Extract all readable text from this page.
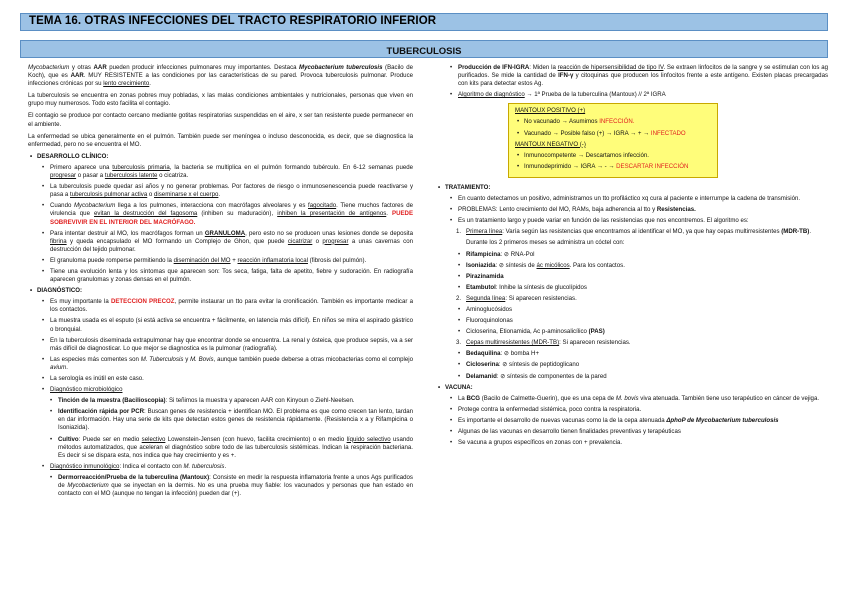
TEMA 16. OTRAS INFECCIONES DEL TRACTO RESPIRATORIO INFERIOR
TUBERCULOSIS

Mycobacterium y otras AAR pueden producir infecciones pulmonares muy importantes. Destaca Mycobacterium tuberculosis (Bacilo de Koch), que es AAR. MUY RESISTENTE a las condiciones por las características de su pared. Provoca tuberculosis pulmonar. Produce infecciones crónicas por su lento crecimiento.

La tuberculosis se encuentra en zonas pobres muy pobladas, x las malas condiciones ambientales y nutricionales, personas que viven en grupo muy numerosos. Todo esto facilita el contagio.

El contagio se produce por contacto cercano mediante gotitas respiratorias suspendidas en el aire, x ser tan resistente puede permanecer en el ambiente.

La enfermedad se ubica generalmente en el pulmón. También puede ser meníngea o incluso desconocida, es decir, que se diagnostica la enfermedad, pero no se encuentra el MO.

• DESARROLLO CLÍNICO:
• Primero aparece una tuberculosis primaria, la bacteria se multiplica en el pulmón formando tubérculo. En 6-12 semanas puede progresar o pasar a tuberculosis latente o cicatriza.
• La tuberculosis puede quedar así años y no generar problemas. Por factores de riesgo o inmunosenescencia puede reactivarse y pasa a tuberculosis pulmonar activa o diseminarse x el cuerpo.
• Cuando Mycobacterium llega a los pulmones, interacciona con macrófagos alveolares y es fagocitado. Tiene muchos factores de virulencia que evitan la destrucción del fagosoma (inhiben su maduración), inhiben la presentación de antígenos. PUEDE SOBREVIVIR EN EL INTERIOR DEL MACRÓFAGO.
• Para intentar destruir al MO, los macrófagos forman un GRANULOMA, pero esto no se producen unas lesiones donde se deposita fibrina y queda encapsulado el MO formando un Complejo de Ghon, que puede cicatrizar o progresar a unas cavernas con destrucción del tejido pulmonar.
• El granuloma puede romperse permitiendo la diseminación del MO + reacción inflamatoria local (fibrosis del pulmón).
• Tiene una evolución lenta y los síntomas que aparecen son: Tos seca, fatiga, falta de apetito, fiebre y sudoración. En radiografía aparecen granulomas y zonas densas en el pulmón.
• DIAGNÓSTICO:
• Es muy importante la DETECCION PRECOZ, permite instaurar un tto para evitar la cronificación. También es importante medicar a los contactos.
• La muestra usada es el esputo (si está activa se encuentra + fácilmente, en latencia más difícil). En niños se mira el aspirado gástrico o bronquial.
• En la tuberculosis diseminada extrapulmonar hay que encontrar donde se encuentra. La renal y ósteica, que produce sepsis, va a ser más difícil de diagnosticar. Lo que mejor se diagnostica es la pulmonar (radiografía).
• Las especies más comentes son M. Tuberculosis y M. Bovis, aunque también puede deberse a otras micobacterias como el complejo avium.
• La serología es inútil en este caso.
• Diagnóstico microbiológico
• Tinción de la muestra (Bacilioscopia): Si teñimos la muestra y aparecen AAR con Kinyoun o Ziehl-Neelsen.
• Identificación rápida por PCR: Buscan genes de resistencia + identifican MO. El problema es que como crecen tan lento, tardan en dar información. Hay una serie de kits que detectan estos genes de resistencia rápidamente. (Resistencia x a y Rifampicina o Isoniazida).
• Cultivo: Puede ser en medio selectivo Lowenstein-Jensen (con huevo, facilita crecimiento) o en medio líquido selectivo usando métodos automatizados, que aceleran el diagnóstico sobre todo de las tuberculosis sistémicas. Indican la respiración bacteriana. Es decir si se dispara esta, nos indica que hay crecimiento y es +.
• Diagnóstico inmunológico: Indica el contacto con M. tuberculosis.
• Dermorreacción/Prueba de la tuberculina (Mantoux): Consiste en medir la respuesta inflamatoria frente a unos Ags purificados de Mycobacterium que se inyectan en la dermis. No es una prueba muy fiable: los vacunados y personas que han estado en contacto con el MO (aunque no tengan la infección) pueden dar (+).
• Producción de IFN-IGRA: Miden la reacción de hipersensibilidad de tipo IV. Se extraen linfocitos de la sangre y se estimulan con los ag purificados. Se mide la cantidad de IFN-γ y citoquinas que producen los linfocitos frente a este antígeno. Existen placas precargadas con kits para detectar estos Ag.
• Algoritmo de diagnóstico → 1ª Prueba de la tuberculina (Mantoux) // 2ª IGRA
MANTOUX POSITIVO (+)
• No vacunado → Asumimos INFECCIÓN.
• Vacunado → Posible falso (+) → IGRA → + → INFECTADO
MANTOUX NEGATIVO (-)
• Inmunocompetente → Descartamos infección.
• Inmunodeprimido → IGRA → - → DESCARTAR INFECCIÓN
• TRATAMIENTO:
• En cuanto detectamos un positivo, administramos un tto profiláctico xq cura al paciente e interrumpe la cadena de transmisión.
• PROBLEMAS: Lento crecimiento del MO, RAMs, baja adherencia al tto y Resistencias.
• Es un tratamiento largo y puede variar en función de las resistencias que nos encontremos. El algoritmo es:
1. Primera línea: Varía según las resistencias que encontramos al identificar el MO, ya que hay cepas multirresistentes (MDR-TB).
Durante los 2 primeros meses se administra un cóctel con:
• Rifampicina: ⊘ RNA-Pol
• Isoniazida: ⊘ síntesis de ác micólicos. Para los contactos.
• Pirazinamida
• Etambutol: Inhibe la síntesis de glucolípidos
2. Segunda línea: Si aparecen resistencias.
• Aminoglucósidos
• Fluoroquinolonas
• Cicloserina, Etionamida, Ac p-aminosalicílico (PAS)
3. Cepas multirresistentes (MDR-TB): Si aparecen resistencias.
• Bedaquilina: ⊘ bomba H+
• Cicloserina: ⊘ síntesis de peptidoglicano
• Delamanid: ⊘ síntesis de componentes de la pared
• VACUNA:
• La BCG (Bacilo de Calmette-Guerin), que es una cepa de M. bovis viva atenuada. También tiene uso terapéutico en cáncer de vejiga.
• Protege contra la enfermedad sistémica, poco contra la respiratoria.
• Es importante el desarrollo de nuevas vacunas como la de la cepa atenuada ΔphoP de Mycobacterium tuberculosis
• Algunas de las vacunas en desarrollo tienen finalidades preventivas y terapéuticas
• Se vacuna a grupos específicos en zonas con + prevalencia.
